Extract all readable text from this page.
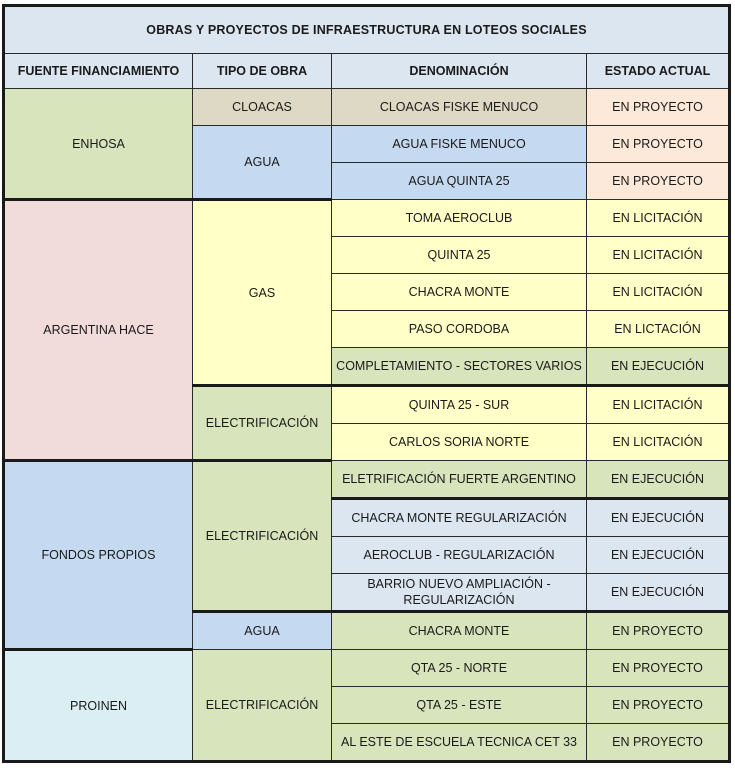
OBRAS Y PROYECTOS DE INFRAESTRUCTURA EN LOTEOS SOCIALES			
FUENTE FINANCIAMIENTO	TIPO DE OBRA	DENOMINACIÓN	ESTADO ACTUAL
ENHOSA	CLOACAS	CLOACAS FISKE MENUCO	EN PROYECTO
	AGUA	AGUA FISKE MENUCO	EN PROYECTO
		AGUA QUINTA 25	EN PROYECTO
ARGENTINA HACE	GAS	TOMA AEROCLUB	EN LICITACIÓN
		QUINTA 25	EN LICITACIÓN
		CHACRA MONTE	EN LICITACIÓN
		PASO CORDOBA	EN LICTACIÓN
		COMPLETAMIENTO - SECTORES VARIOS	EN EJECUCIÓN
	ELECTRIFICACIÓN	QUINTA 25 - SUR	EN LICITACIÓN
		CARLOS SORIA NORTE	EN LICITACIÓN
FONDOS PROPIOS	ELECTRIFICACIÓN	ELETRIFICACIÓN FUERTE ARGENTINO	EN EJECUCIÓN
		CHACRA MONTE REGULARIZACIÓN	EN EJECUCIÓN
		AEROCLUB - REGULARIZACIÓN	EN EJECUCIÓN
		BARRIO NUEVO AMPLIACIÓN - REGULARIZACIÓN	EN EJECUCIÓN
	AGUA	CHACRA MONTE	EN PROYECTO
PROINEN	ELECTRIFICACIÓN	QTA 25 - NORTE	EN PROYECTO
		QTA 25 - ESTE	EN PROYECTO
		AL ESTE DE ESCUELA TECNICA CET 33	EN PROYECTO
